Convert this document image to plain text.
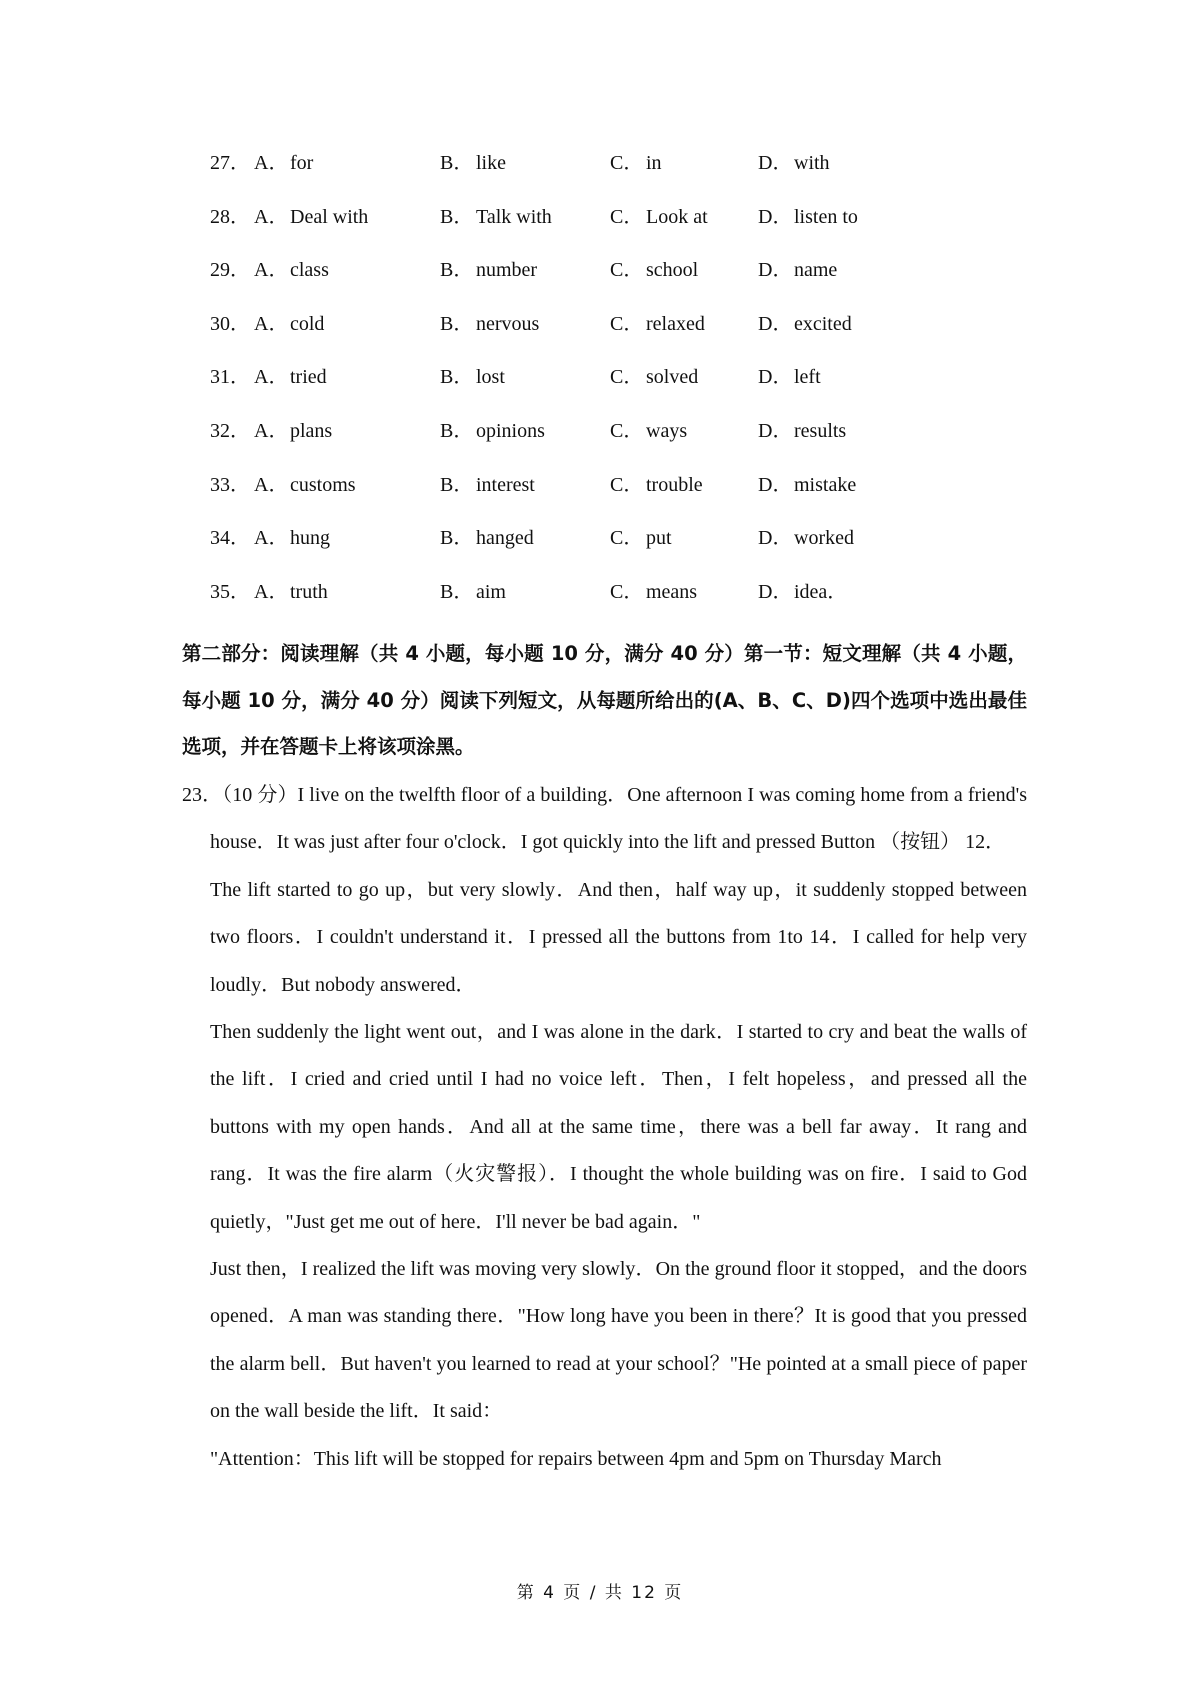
27． A．for	B． like	C． in	D．with
28． A．Deal with	B． Talk with	C． Look at	D．listen to
29． A．class	B． number	C． school	D．name
30． A．cold	B． nervous	C． relaxed	D．excited
31． A．tried	B． lost	C． solved	D．left
32． A．plans	B． opinions	C． ways	D．results
33． A．customs	B． interest	C． trouble	D．mistake
34． A．hung	B． hanged	C． put	D．worked
35． A．truth	B． aim	C． means	D．idea．
第二部分：阅读理解（共 4 小题，每小题 10 分，满分 40 分）第一节：短文理解（共 4 小题，每小题 10 分，满分 40 分）阅读下列短文，从每题所给出的(A、B、C、D)四个选项中选出最佳选项，并在答题卡上将该项涂黑。

23．（10 分）I live on the twelfth floor of a building．One afternoon I was coming home from a friend's house．It was just after four o'clock．I got quickly into the lift and pressed Button （按钮） 12．

The lift started to go up，but very slowly．And then，half way up，it suddenly stopped between two floors．I couldn't understand it．I pressed all the buttons from 1to 14．I called for help very loudly．But nobody answered．

Then suddenly the light went out，and I was alone in the dark．I started to cry and beat the walls of the lift．I cried and cried until I had no voice left．Then，I felt hopeless，and pressed all the buttons with my open hands．And all at the same time，there was a bell far away．It rang and rang．It was the fire alarm（火灾警报）．I thought the whole building was on fire．I said to God quietly，"Just get me out of here．I'll never be bad again．"

Just then，I realized the lift was moving very slowly．On the ground floor it stopped，and the doors opened．A man was standing there．"How long have you been in there？It is good that you pressed the alarm bell．But haven't you learned to read at your school？"He pointed at a small piece of paper on the wall beside the lift．It said：

"Attention：This lift will be stopped for repairs between 4pm and 5pm on Thursday March

第 4 页 / 共 12 页
